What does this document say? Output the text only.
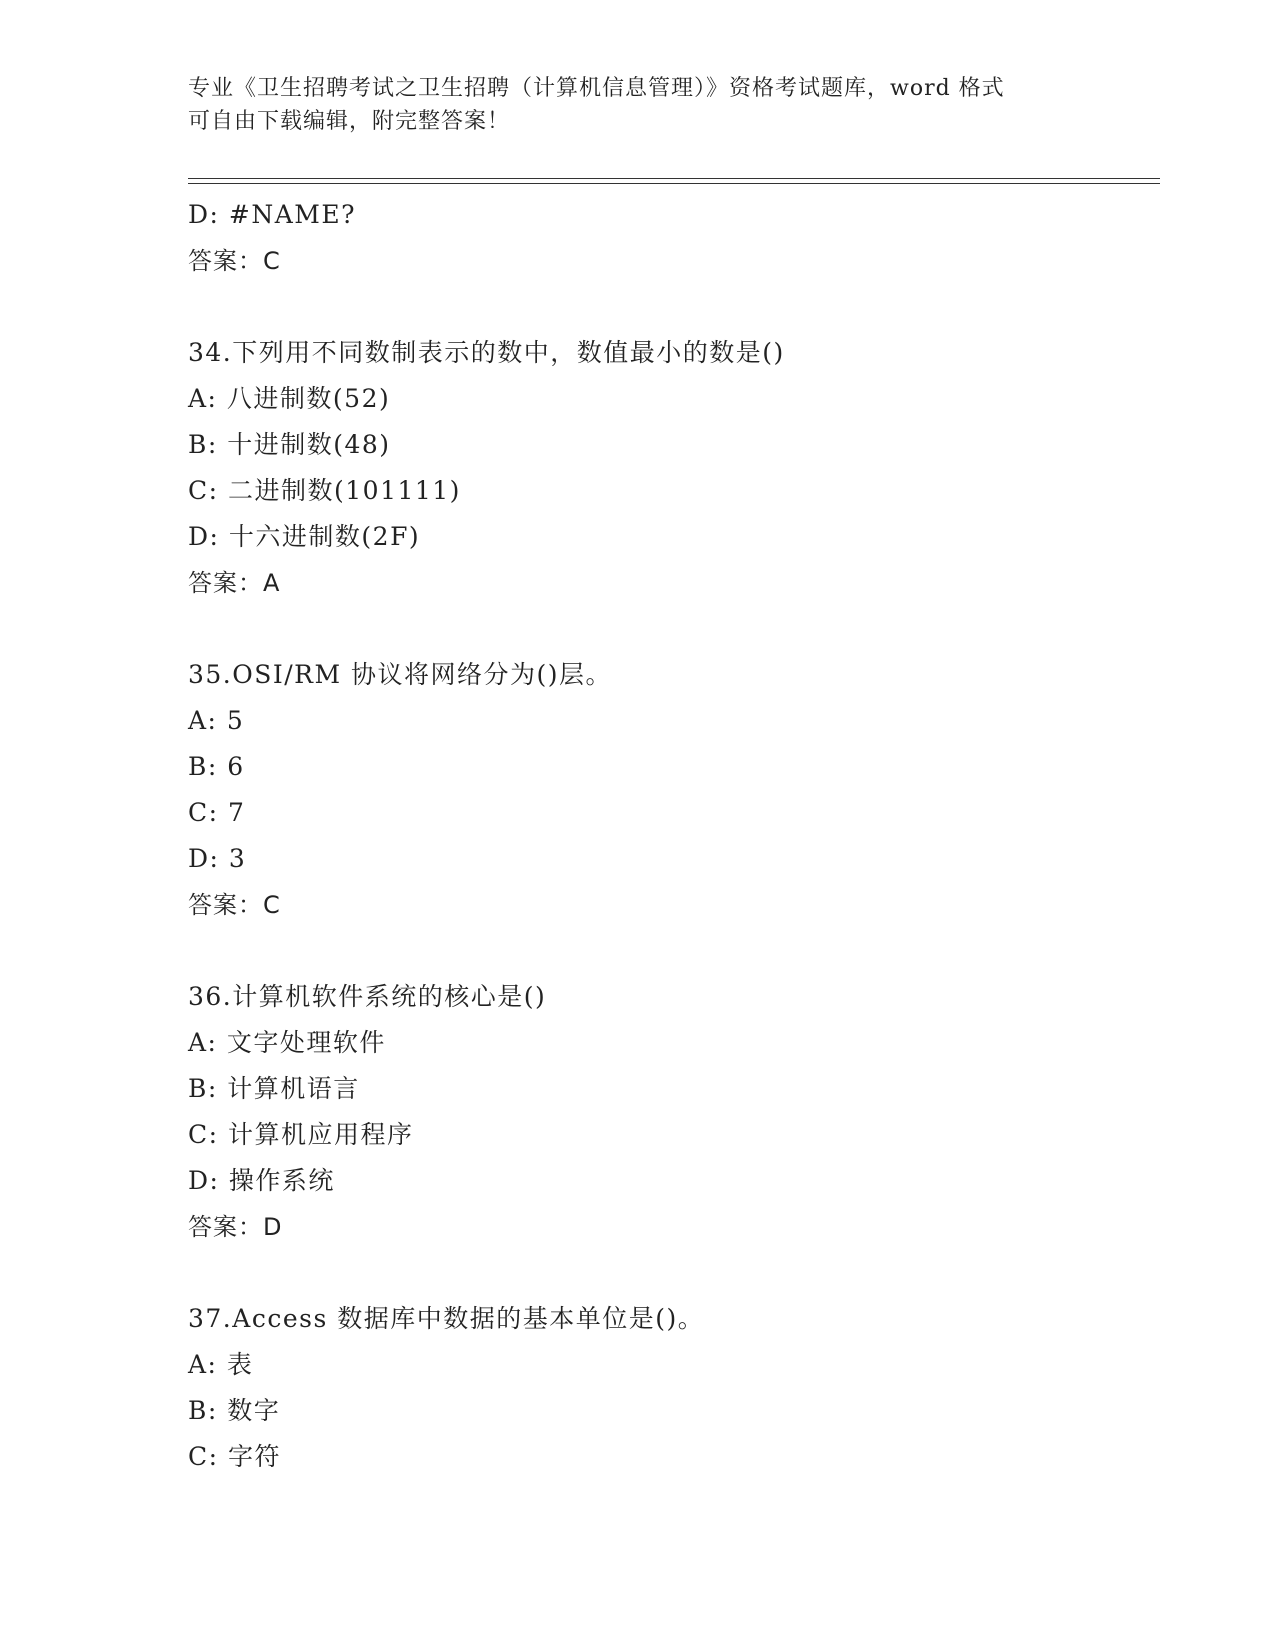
专业《卫生招聘考试之卫生招聘（计算机信息管理）》资格考试题库，word 格式
可自由下载编辑，附完整答案！
D: #NAME?
答案：C
34.下列用不同数制表示的数中，数值最小的数是()
A: 八进制数(52)
B: 十进制数(48)
C: 二进制数(101111)
D: 十六进制数(2F)
答案：A
35.OSI/RM 协议将网络分为()层。
A: 5
B: 6
C: 7
D: 3
答案：C
36.计算机软件系统的核心是()
A: 文字处理软件
B: 计算机语言
C: 计算机应用程序
D: 操作系统
答案：D
37.Access 数据库中数据的基本单位是()。
A: 表
B: 数字
C: 字符
